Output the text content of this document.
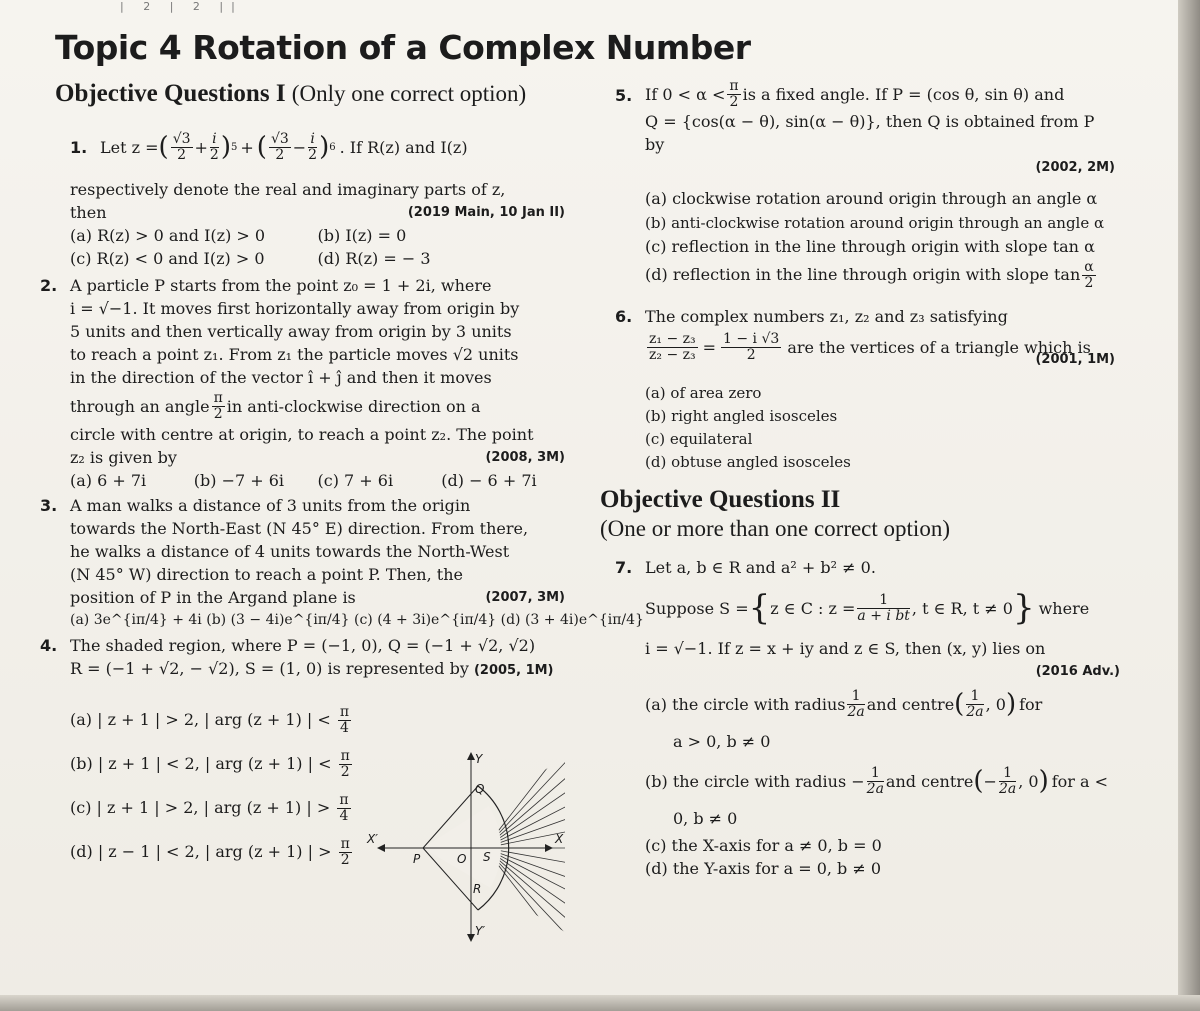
| 2 | 2 ||
Topic 4 Rotation of a Complex Number
Objective Questions I (Only one correct option)
1. Let z = ( $\frac{√3}{2} + \frac{i}{2}$ ) 5 + ( $\frac{√3}{2} - \frac{i}{2}$ ) 6 . If R(z) and I(z)
respectively denote the real and imaginary parts of z,
then	(2019 Main, 10 Jan II)
(a) R(z) > 0 and I(z) > 0	(b) I(z) = 0
(c) R(z) < 0 and I(z) > 0	(d) R(z) = − 3
2. A particle P starts from the point z₀ = 1 + 2i, where
i = √−1. It moves first horizontally away from origin by
5 units and then vertically away from origin by 3 units
to reach a point z₁. From z₁ the particle moves √2 units
in the direction of the vector î + ĵ and then it moves
through an angle $\frac{\pi}{2}$ in anti-clockwise direction on a
circle with centre at origin, to reach a point z₂. The point
z₂ is given by	(2008, 3M)
(a) 6 + 7i	(b) −7 + 6i	(c) 7 + 6i	(d) − 6 + 7i
3. A man walks a distance of 3 units from the origin
towards the North-East (N 45° E) direction. From there,
he walks a distance of 4 units towards the North-West
(N 45° W) direction to reach a point P. Then, the
position of P in the Argand plane is	(2007, 3M)
(a) 3e^{iπ/4} + 4i (b) (3 − 4i)e^{iπ/4} (c) (4 + 3i)e^{iπ/4} (d) (3 + 4i)e^{iπ/4}
4. The shaded region, where P = (−1, 0), Q = (−1 + √2, √2)
R = (−1 + √2, − √2), S = (1, 0) is represented by (2005, 1M)
(a) | z + 1 | > 2, | arg (z + 1) | < $\frac{\pi}{4}$
(b) | z + 1 | < 2, | arg (z + 1) | < $\frac{\pi}{2}$
(c) | z + 1 | > 2, | arg (z + 1) | > $\frac{\pi}{4}$
(d) | z − 1 | < 2, | arg (z + 1) | > $\frac{\pi}{2}$
Y
Y′
X
X′
P	O S
Q
R
5. If $0 < \alpha < \frac{\pi}{2}$ is a fixed angle. If P = (cos θ, sin θ) and
Q = {cos(α − θ), sin(α − θ)}, then Q is obtained from P by
(2002, 2M)
(a) clockwise rotation around origin through an angle α
(b) anti-clockwise rotation around origin through an angle α
(c) reflection in the line through origin with slope tan α
(d) reflection in the line through origin with slope $\tan \frac{\alpha}{2}$
6. The complex numbers z₁, z₂ and z₃ satisfying
$\frac{\text{z₁ − z₃}}{\text{z₂ − z₃}} = \frac{1 - i √3}{2}$ are the vertices of a triangle which is
(2001, 1M)
(a) of area zero
(b) right angled isosceles
(c) equilateral
(d) obtuse angled isosceles
Objective Questions II
(One or more than one correct option)
7. Let a, b ∈ R and a² + b² ≠ 0.
Suppose S = { z ∈ C : $z = \frac{1}{\text{a + i bt}}$ , t ∈ R, t ≠ 0 } where
i = √−1. If z = x + iy and z ∈ S, then (x, y) lies on
(2016 Adv.)
(a) the circle with radius $\frac{1}{2a}$ and centre ( $\frac{1}{2a}$ , 0 ) for
a > 0, b ≠ 0
(b) the circle with radius − $\frac{1}{2a}$ and centre ( − $\frac{1}{2a}$ , 0 ) for a <
0, b ≠ 0
(c) the X-axis for a ≠ 0, b = 0
(d) the Y-axis for a = 0, b ≠ 0
